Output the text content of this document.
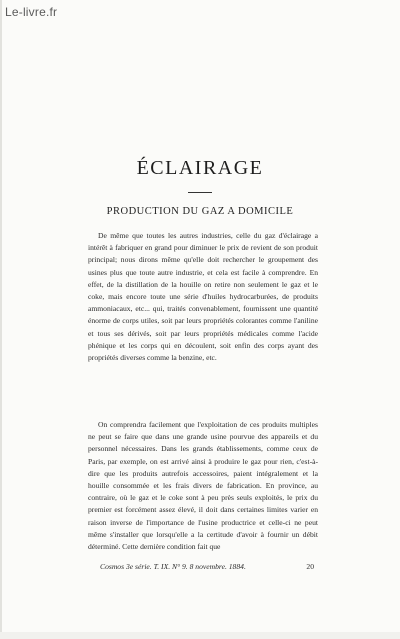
Le-livre.fr
ÉCLAIRAGE
PRODUCTION DU GAZ A DOMICILE

De même que toutes les autres industries, celle du gaz d'éclairage a intérêt à fabriquer en grand pour diminuer le prix de revient de son produit principal; nous dirons même qu'elle doit rechercher le groupement des usines plus que toute autre industrie, et cela est facile à comprendre. En effet, de la distillation de la houille on retire non seulement le gaz et le coke, mais encore toute une série d'huiles hydrocarburées, de produits ammoniacaux, etc... qui, traités convenablement, fournissent une quantité énorme de corps utiles, soit par leurs propriétés colorantes comme l'aniline et tous ses dérivés, soit par leurs propriétés médicales comme l'acide phénique et les corps qui en découlent, soit enfin des corps ayant des propriétés diverses comme la benzine, etc.

On comprendra facilement que l'exploitation de ces produits multiples ne peut se faire que dans une grande usine pourvue des appareils et du personnel nécessaires. Dans les grands établissements, comme ceux de Paris, par exemple, on est arrivé ainsi à produire le gaz pour rien, c'est-à-dire que les produits autrefois accessoires, paient intégralement et la houille consommée et les frais divers de fabrication. En province, au contraire, où le gaz et le coke sont à peu près seuls exploités, le prix du premier est forcément assez élevé, il doit dans certaines limites varier en raison inverse de l'importance de l'usine productrice et celle-ci ne peut même s'installer que lorsqu'elle a la certitude d'avoir à fournir un débit déterminé. Cette dernière condition fait que

Cosmos 3e série. T. IX. N° 9. 8 novembre. 1884.	20
